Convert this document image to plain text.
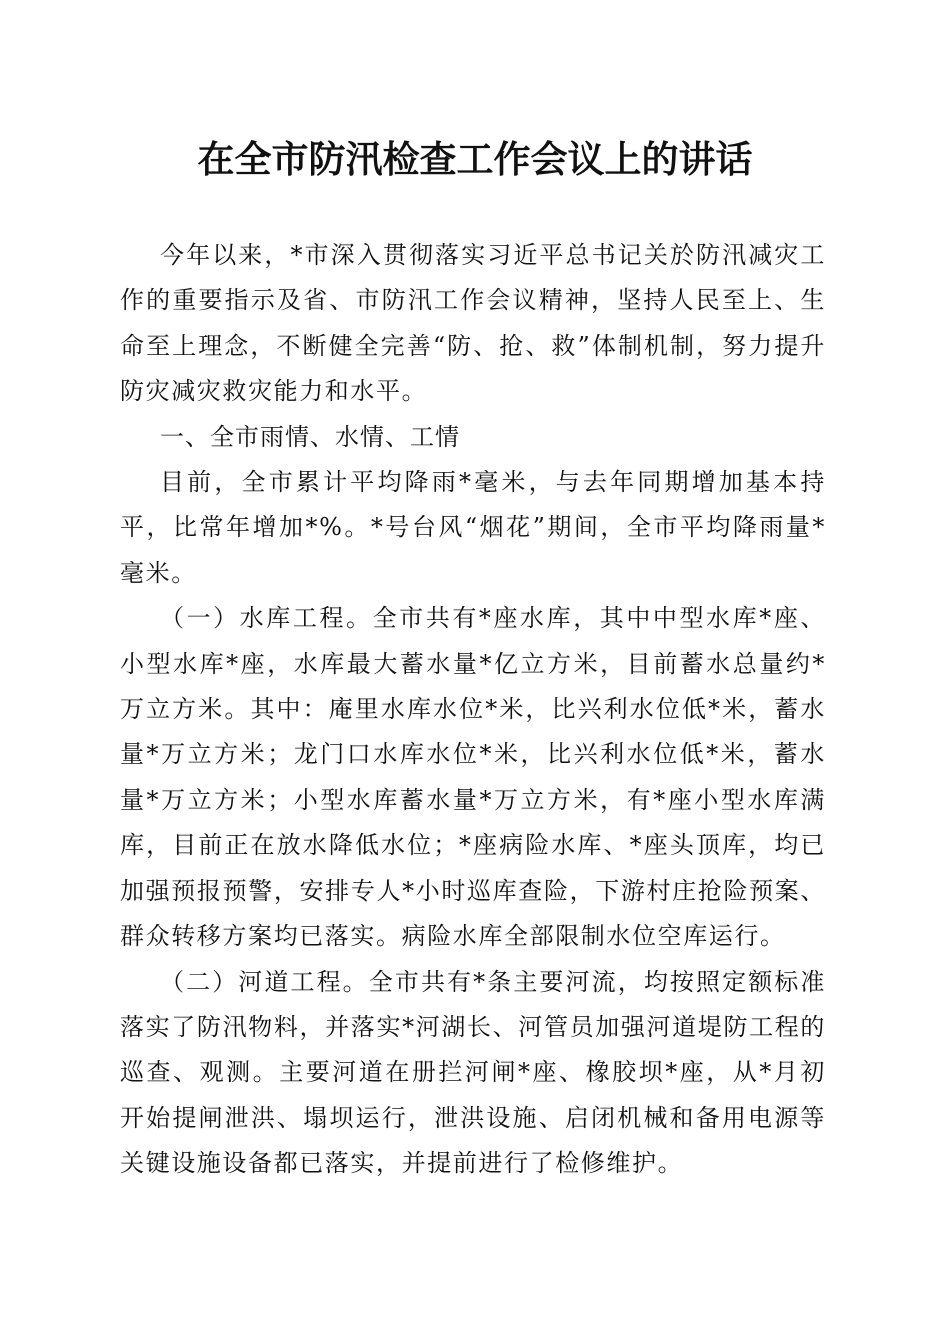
在全市防汛检查工作会议上的讲话

今年以来，*市深入贯彻落实习近平总书记关於防汛减灾工作的重要指示及省、市防汛工作会议精神，坚持人民至上、生命至上理念，不断健全完善“防、抢、救”体制机制，努力提升防灾减灾救灾能力和水平。

一、全市雨情、水情、工情

目前，全市累计平均降雨*毫米，与去年同期增加基本持平，比常年增加*%。*号台风“烟花”期间，全市平均降雨量*毫米。

（一）水库工程。全市共有*座水库，其中中型水库*座、小型水库*座，水库最大蓄水量*亿立方米，目前蓄水总量约*万立方米。其中：庵里水库水位*米，比兴利水位低*米，蓄水量*万立方米；龙门口水库水位*米，比兴利水位低*米，蓄水量*万立方米；小型水库蓄水量*万立方米，有*座小型水库满库，目前正在放水降低水位；*座病险水库、*座头顶库，均已加强预报预警，安排专人*小时巡库查险，下游村庄抢险预案、群众转移方案均已落实。病险水库全部限制水位空库运行。

（二）河道工程。全市共有*条主要河流，均按照定额标准落实了防汛物料，并落实*河湖长、河管员加强河道堤防工程的巡查、观测。主要河道在册拦河闸*座、橡胶坝*座，从*月初开始提闸泄洪、塌坝运行，泄洪设施、启闭机械和备用电源等关键设施设备都已落实，并提前进行了检修维护。
